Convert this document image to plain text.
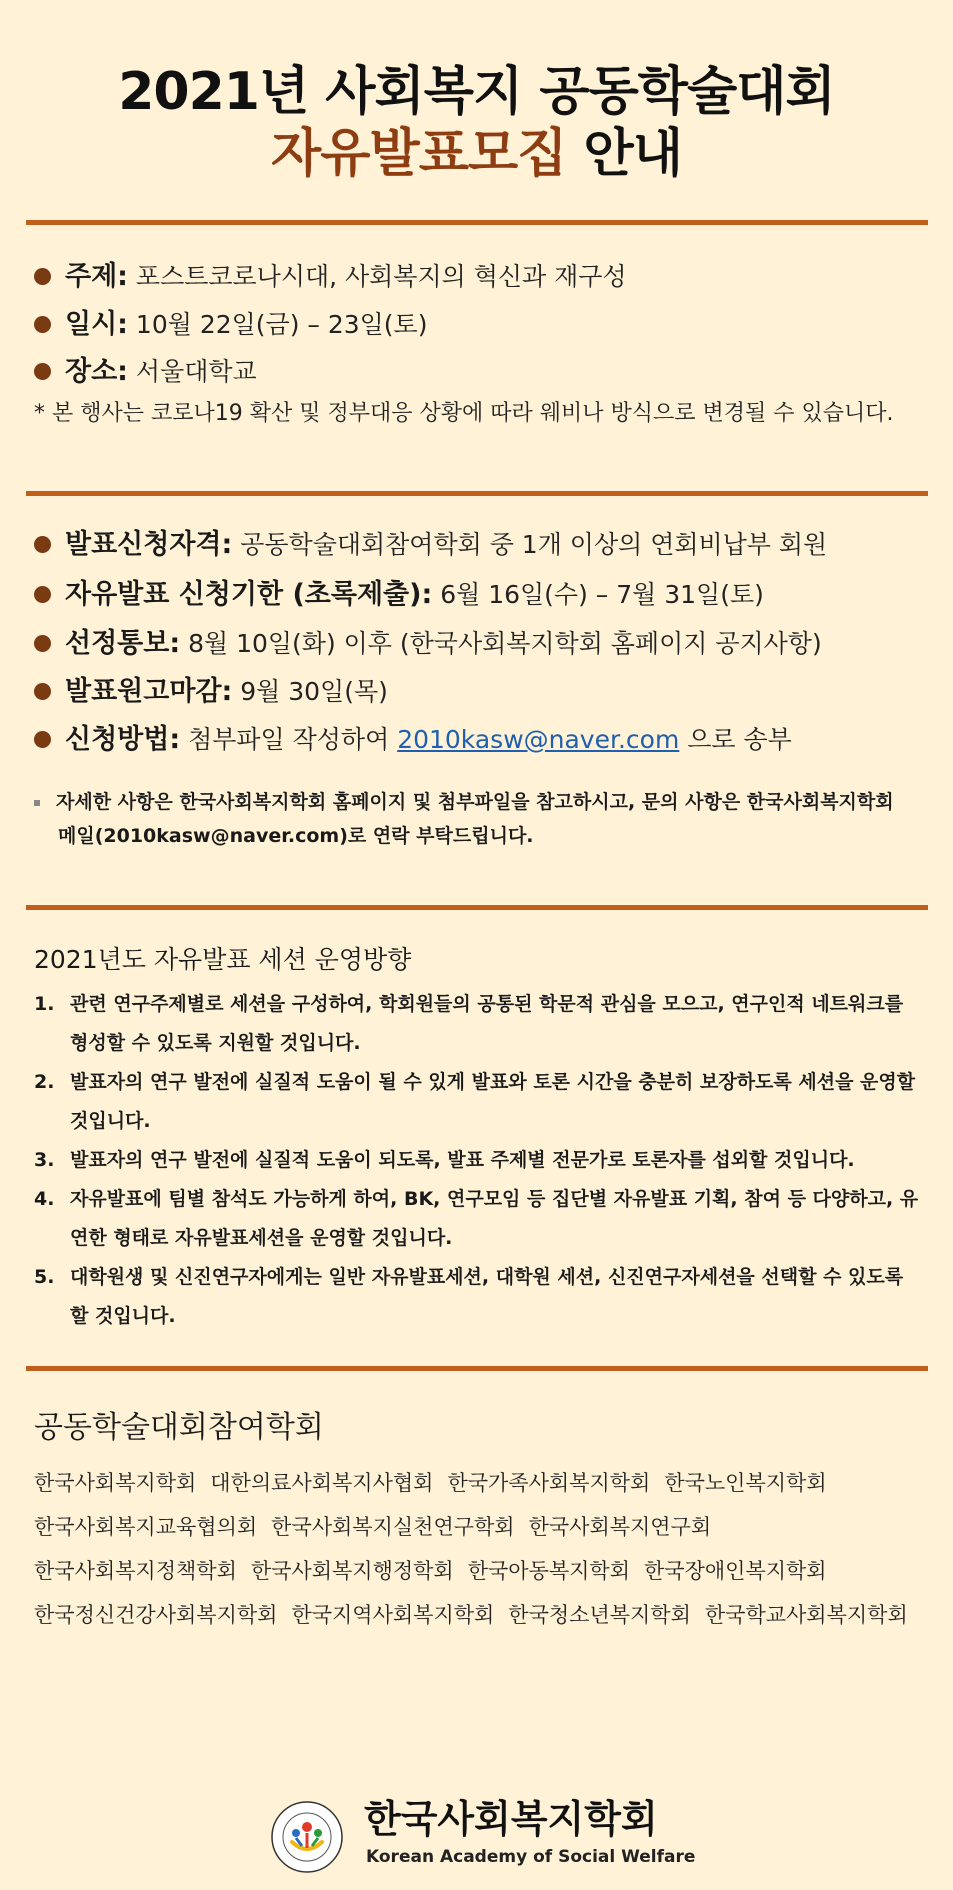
2021년 사회복지 공동학술대회
자유발표모집 안내
주제: 포스트코로나시대, 사회복지의 혁신과 재구성
일시: 10월 22일(금) – 23일(토)
장소: 서울대학교
* 본 행사는 코로나19 확산 및 정부대응 상황에 따라 웨비나 방식으로 변경될 수 있습니다.
발표신청자격: 공동학술대회참여학회 중 1개 이상의 연회비납부 회원
자유발표 신청기한 (초록제출): 6월 16일(수) – 7월 31일(토)
선정통보: 8월 10일(화) 이후 (한국사회복지학회 홈페이지 공지사항)
발표원고마감: 9월 30일(목)
신청방법: 첨부파일 작성하여 2010kasw@naver.com 으로 송부
자세한 사항은 한국사회복지학회 홈페이지 및 첨부파일을 참고하시고, 문의 사항은 한국사회복지학회
메일(2010kasw@naver.com)로 연락 부탁드립니다.
2021년도 자유발표 세션 운영방향
1. 관련 연구주제별로 세션을 구성하여, 학회원들의 공통된 학문적 관심을 모으고, 연구인적 네트워크를 형성할 수 있도록 지원할 것입니다.
2. 발표자의 연구 발전에 실질적 도움이 될 수 있게 발표와 토론 시간을 충분히 보장하도록 세션을 운영할 것입니다.
3. 발표자의 연구 발전에 실질적 도움이 되도록, 발표 주제별 전문가로 토론자를 섭외할 것입니다.
4. 자유발표에 팀별 참석도 가능하게 하여, BK, 연구모임 등 집단별 자유발표 기획, 참여 등 다양하고, 유연한 형태로 자유발표세션을 운영할 것입니다.
5. 대학원생 및 신진연구자에게는 일반 자유발표세션, 대학원 세션, 신진연구자세션을 선택할 수 있도록 할 것입니다.
공동학술대회참여학회
한국사회복지학회 대한의료사회복지사협회 한국가족사회복지학회 한국노인복지학회
한국사회복지교육협의회 한국사회복지실천연구학회 한국사회복지연구회
한국사회복지정책학회 한국사회복지행정학회 한국아동복지학회 한국장애인복지학회
한국정신건강사회복지학회 한국지역사회복지학회 한국청소년복지학회 한국학교사회복지학회
한국사회복지학회
Korean Academy of Social Welfare
